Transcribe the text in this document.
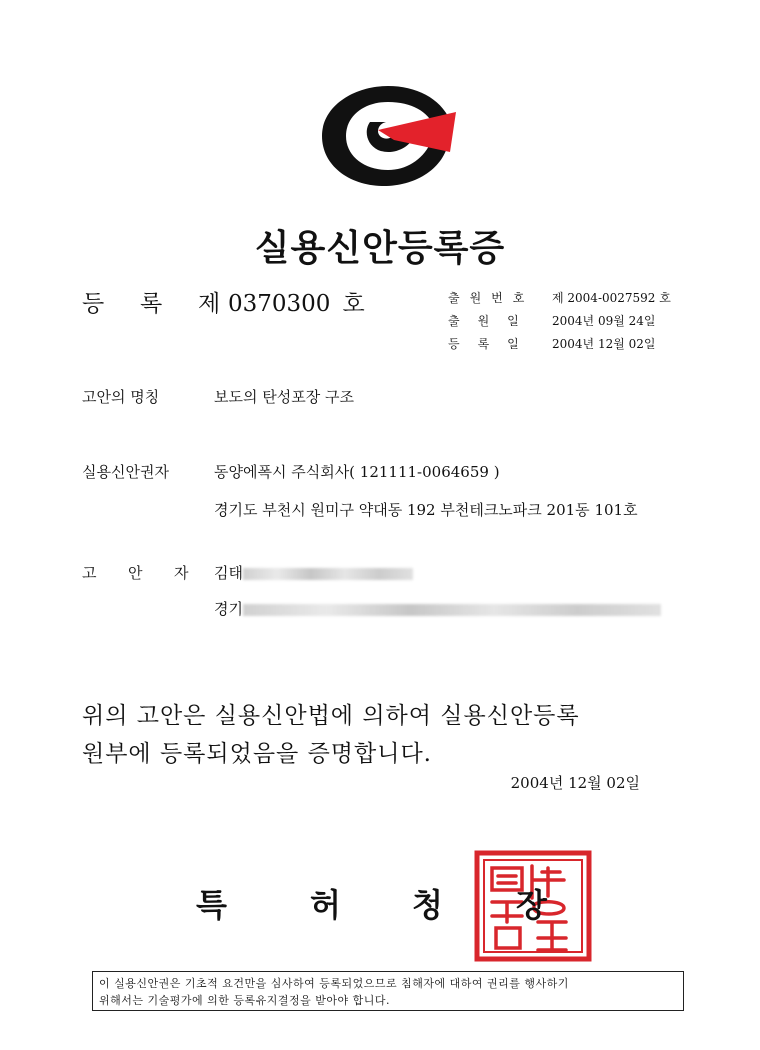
실용신안등록증
등 록 제 0370300 호	출원번호	제 2004-0027592 호
출원일	2004년 09월 24일
등록일	2004년 12월 02일
고안의 명칭	보도의 탄성포장 구조
실용신안권자	동양에폭시 주식회사( 121111-0064659 )
경기도 부천시 원미구 약대동 192 부천테크노파크 201동 101호
고 안 자 김태
경기
위의 고안은 실용신안법에 의하여 실용신안등록
원부에 등록되었음을 증명합니다.
2004년 12월 02일
특	허 청 장
이 실용신안권은 기초적 요건만을 심사하여 등록되었으므로 침해자에 대하여 권리를 행사하기
위해서는 기술평가에 의한 등록유지결정을 받아야 합니다.
